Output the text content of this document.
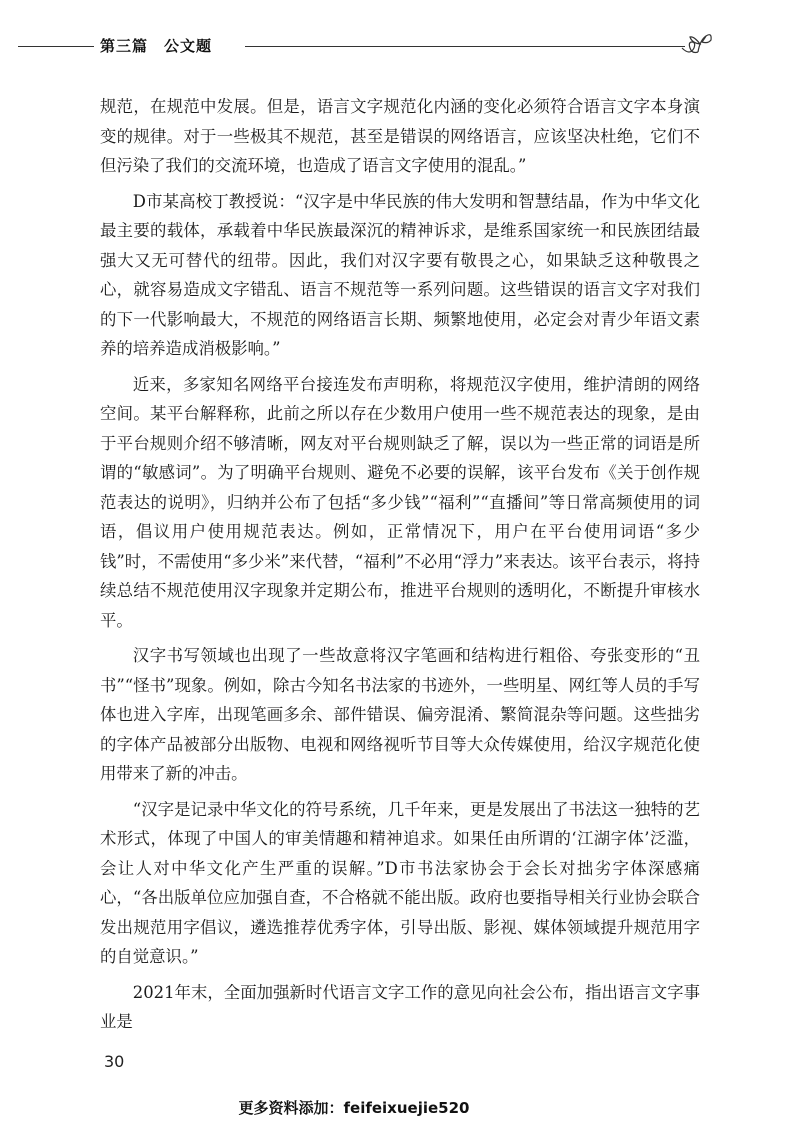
第三篇　公文题

规范，在规范中发展。但是，语言文字规范化内涵的变化必须符合语言文字本身演变的规律。对于一些极其不规范，甚至是错误的网络语言，应该坚决杜绝，它们不但污染了我们的交流环境，也造成了语言文字使用的混乱。”

D市某高校丁教授说：“汉字是中华民族的伟大发明和智慧结晶，作为中华文化最主要的载体，承载着中华民族最深沉的精神诉求，是维系国家统一和民族团结最强大又无可替代的纽带。因此，我们对汉字要有敬畏之心，如果缺乏这种敬畏之心，就容易造成文字错乱、语言不规范等一系列问题。这些错误的语言文字对我们的下一代影响最大，不规范的网络语言长期、频繁地使用，必定会对青少年语文素养的培养造成消极影响。”

近来，多家知名网络平台接连发布声明称，将规范汉字使用，维护清朗的网络空间。某平台解释称，此前之所以存在少数用户使用一些不规范表达的现象，是由于平台规则介绍不够清晰，网友对平台规则缺乏了解，误以为一些正常的词语是所谓的“敏感词”。为了明确平台规则、避免不必要的误解，该平台发布《关于创作规范表达的说明》，归纳并公布了包括“多少钱”“福利”“直播间”等日常高频使用的词语，倡议用户使用规范表达。例如，正常情况下，用户在平台使用词语“多少钱”时，不需使用“多少米”来代替，“福利”不必用“浮力”来表达。该平台表示，将持续总结不规范使用汉字现象并定期公布，推进平台规则的透明化，不断提升审核水平。

汉字书写领域也出现了一些故意将汉字笔画和结构进行粗俗、夸张变形的“丑书”“怪书”现象。例如，除古今知名书法家的书迹外，一些明星、网红等人员的手写体也进入字库，出现笔画多余、部件错误、偏旁混淆、繁简混杂等问题。这些拙劣的字体产品被部分出版物、电视和网络视听节目等大众传媒使用，给汉字规范化使用带来了新的冲击。

“汉字是记录中华文化的符号系统，几千年来，更是发展出了书法这一独特的艺术形式，体现了中国人的审美情趣和精神追求。如果任由所谓的‘江湖字体’泛滥，会让人对中华文化产生严重的误解。”D市书法家协会于会长对拙劣字体深感痛心，“各出版单位应加强自查，不合格就不能出版。政府也要指导相关行业协会联合发出规范用字倡议，遴选推荐优秀字体，引导出版、影视、媒体领域提升规范用字的自觉意识。”

2021年末，全面加强新时代语言文字工作的意见向社会公布，指出语言文字事业是

30
更多资料添加：feifeixuejie520
